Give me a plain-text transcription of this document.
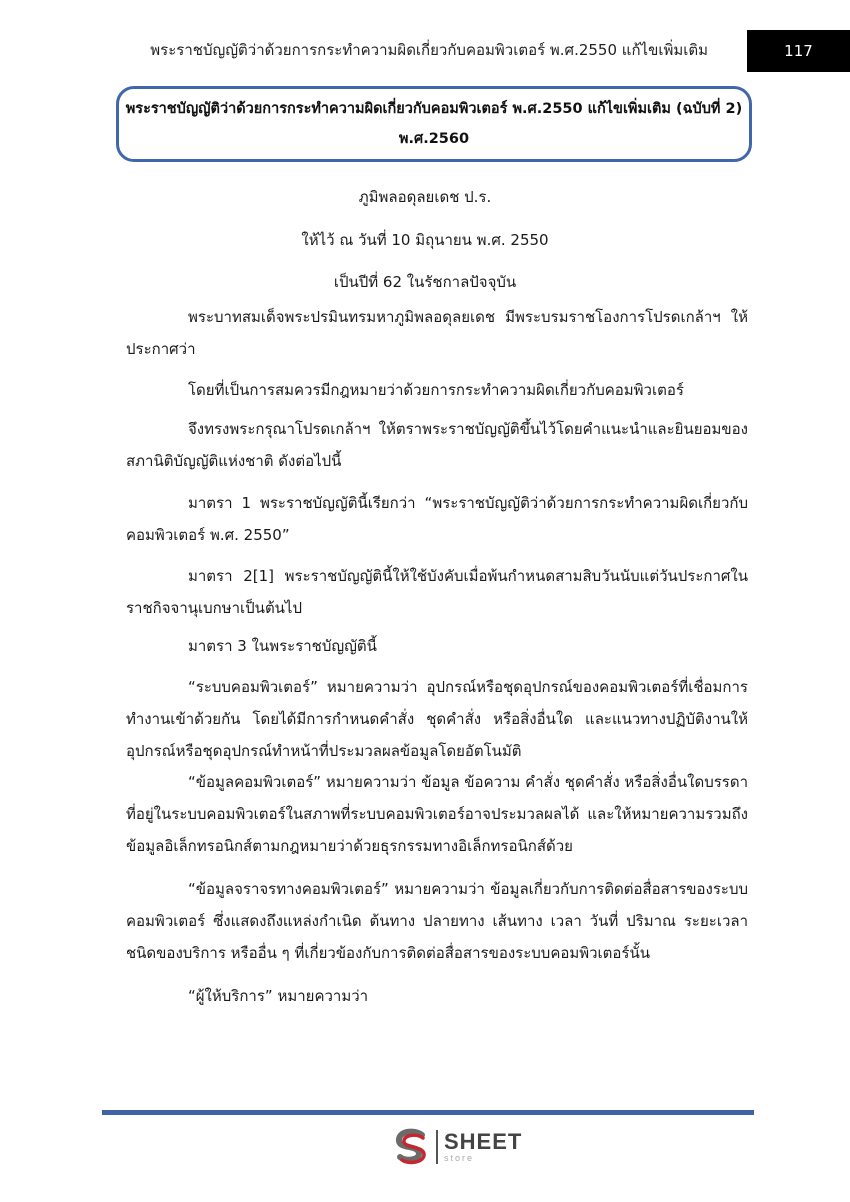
พระราชบัญญัติว่าด้วยการกระทำความผิดเกี่ยวกับคอมพิวเตอร์ พ.ศ.2550 แก้ไขเพิ่มเติม	117
พระราชบัญญัติว่าด้วยการกระทำความผิดเกี่ยวกับคอมพิวเตอร์ พ.ศ.2550 แก้ไขเพิ่มเติม (ฉบับที่ 2)
พ.ศ.2560
ภูมิพลอดุลยเดช ป.ร.
ให้ไว้ ณ วันที่ 10 มิถุนายน พ.ศ. 2550
เป็นปีที่ 62 ในรัชกาลปัจจุบัน
พระบาทสมเด็จพระปรมินทรมหาภูมิพลอดุลยเดช มีพระบรมราชโองการโปรดเกล้าฯ ให้ประกาศว่า
โดยที่เป็นการสมควรมีกฎหมายว่าด้วยการกระทำความผิดเกี่ยวกับคอมพิวเตอร์
จึงทรงพระกรุณาโปรดเกล้าฯ ให้ตราพระราชบัญญัติขึ้นไว้โดยคำแนะนำและยินยอมของสภานิติบัญญัติแห่งชาติ ดังต่อไปนี้
มาตรา 1 พระราชบัญญัตินี้เรียกว่า “พระราชบัญญัติว่าด้วยการกระทำความผิดเกี่ยวกับคอมพิวเตอร์ พ.ศ. 2550”
มาตรา 2[1] พระราชบัญญัตินี้ให้ใช้บังคับเมื่อพ้นกำหนดสามสิบวันนับแต่วันประกาศในราชกิจจานุเบกษาเป็นต้นไป
มาตรา 3 ในพระราชบัญญัตินี้
“ระบบคอมพิวเตอร์” หมายความว่า อุปกรณ์หรือชุดอุปกรณ์ของคอมพิวเตอร์ที่เชื่อมการทำงานเข้าด้วยกัน โดยได้มีการกำหนดคำสั่ง ชุดคำสั่ง หรือสิ่งอื่นใด และแนวทางปฏิบัติงานให้อุปกรณ์หรือชุดอุปกรณ์ทำหน้าที่ประมวลผลข้อมูลโดยอัตโนมัติ
“ข้อมูลคอมพิวเตอร์” หมายความว่า ข้อมูล ข้อความ คำสั่ง ชุดคำสั่ง หรือสิ่งอื่นใดบรรดาที่อยู่ในระบบคอมพิวเตอร์ในสภาพที่ระบบคอมพิวเตอร์อาจประมวลผลได้ และให้หมายความรวมถึงข้อมูลอิเล็กทรอนิกส์ตามกฎหมายว่าด้วยธุรกรรมทางอิเล็กทรอนิกส์ด้วย
“ข้อมูลจราจรทางคอมพิวเตอร์” หมายความว่า ข้อมูลเกี่ยวกับการติดต่อสื่อสารของระบบคอมพิวเตอร์ ซึ่งแสดงถึงแหล่งกำเนิด ต้นทาง ปลายทาง เส้นทาง เวลา วันที่ ปริมาณ ระยะเวลา ชนิดของบริการ หรืออื่น ๆ ที่เกี่ยวข้องกับการติดต่อสื่อสารของระบบคอมพิวเตอร์นั้น
“ผู้ให้บริการ” หมายความว่า
SHEET
store
